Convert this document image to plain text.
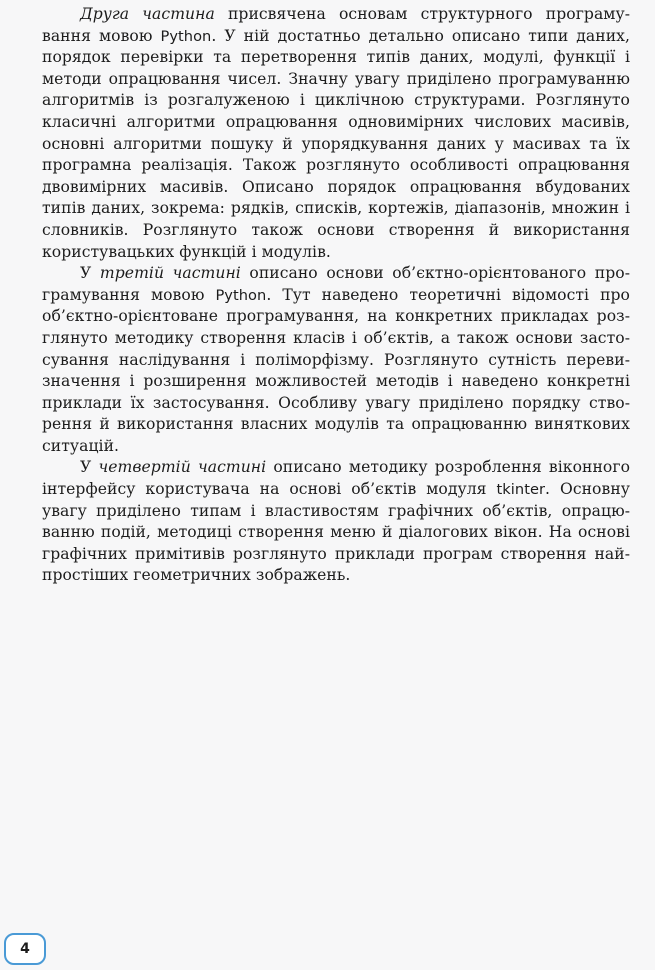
Друга частина присвячена основам структурного програмування мовою Python. У ній достатньо детально описано типи даних, порядок перевірки та перетворення типів даних, модулі, функції і методи опрацювання чисел. Значну увагу приділено програмуванню алгоритмів із розгалуженою і циклічною структурами. Розглянуто класичні алгоритми опрацювання одновимірних числових масивів, основні алгоритми пошуку й упорядкування даних у масивах та їх програмна реалізація. Також розглянуто особливості опрацювання двовимірних масивів. Описано порядок опрацювання вбудованих типів даних, зокрема: рядків, списків, кортежів, діапазонів, множин і словників. Розглянуто також основи створення й використання користувацьких функцій і модулів.

У третій частині описано основи об’єктно-орієнтованого програмування мовою Python. Тут наведено теоретичні відомості про об’єктно-орієнтоване програмування, на конкретних прикладах розглянуто методику створення класів і об’єктів, а також основи застосування наслідування і поліморфізму. Розглянуто сутність перевизначення і розширення можливостей методів і наведено конкретні приклади їх застосування. Особливу увагу приділено порядку створення й використання власних модулів та опрацюванню виняткових ситуацій.

У четвертій частині описано методику розроблення віконного інтерфейсу користувача на основі об’єктів модуля tkinter. Основну увагу приділено типам і властивостям графічних об’єктів, опрацюванню подій, методиці створення меню й діалогових вікон. На основі графічних примітивів розглянуто приклади програм створення найпростіших геометричних зображень.

4
